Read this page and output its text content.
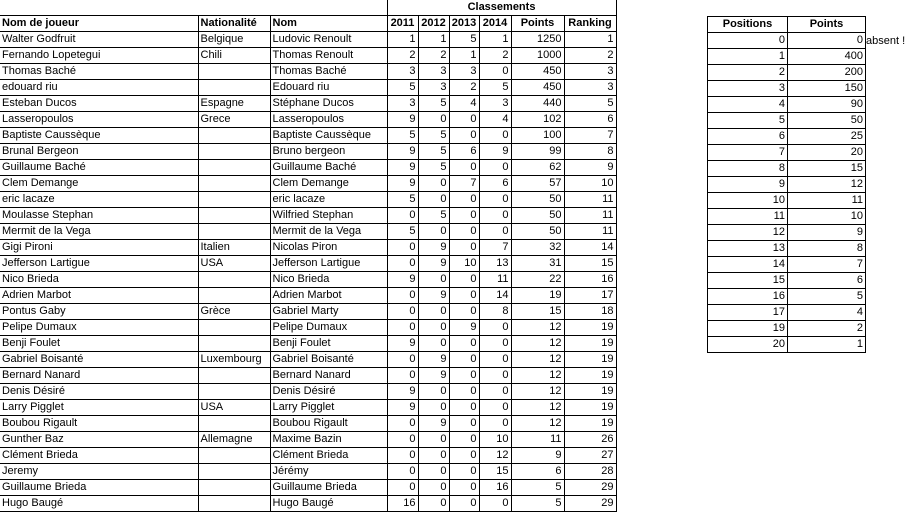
			Classements					
Nom de joueur	Nationalité	Nom	2011	2012	2013	2014	Points	Ranking
Walter Godfruit	Belgique	Ludovic Renoult	1	1	5	1	1250	1
Fernando Lopetegui	Chili	Thomas Renoult	2	2	1	2	1000	2
Thomas Baché		Thomas Baché	3	3	3	0	450	3
edouard riu		Edouard riu	5	3	2	5	450	3
Esteban Ducos	Espagne	Stéphane Ducos	3	5	4	3	440	5
Lasseropoulos	Grece	Lasseropoulos	9	0	0	4	102	6
Baptiste Caussèque		Baptiste Caussèque	5	5	0	0	100	7
Brunal Bergeon		Bruno bergeon	9	5	6	9	99	8
Guillaume Baché		Guillaume Baché	9	5	0	0	62	9
Clem Demange		Clem Demange	9	0	7	6	57	10
eric lacaze		eric lacaze	5	0	0	0	50	11
Moulasse Stephan		Wilfried Stephan	0	5	0	0	50	11
Mermit de la Vega		Mermit de la Vega	5	0	0	0	50	11
Gigi Pironi	Italien	Nicolas Piron	0	9	0	7	32	14
Jefferson Lartigue	USA	Jefferson Lartigue	0	9	10	13	31	15
Nico Brieda		Nico Brieda	9	0	0	11	22	16
Adrien Marbot		Adrien Marbot	0	9	0	14	19	17
Pontus Gaby	Grèce	Gabriel Marty	0	0	0	8	15	18
Pelipe Dumaux		Pelipe Dumaux	0	0	9	0	12	19
Benji Foulet		Benji Foulet	9	0	0	0	12	19
Gabriel Boisanté	Luxembourg	Gabriel Boisanté	0	9	0	0	12	19
Bernard Nanard		Bernard Nanard	0	9	0	0	12	19
Denis Désiré		Denis Désiré	9	0	0	0	12	19
Larry Pigglet	USA	Larry Pigglet	9	0	0	0	12	19
Boubou Rigault		Boubou Rigault	0	9	0	0	12	19
Gunther Baz	Allemagne	Maxime Bazin	0	0	0	10	11	26
Clément Brieda		Clément Brieda	0	0	0	12	9	27
Jeremy		Jérémy	0	0	0	15	6	28
Guillaume Brieda		Guillaume Brieda	0	0	0	16	5	29
Hugo Baugé		Hugo Baugé	16	0	0	0	5	29
Positions	Points
0	0
1	400
2	200
3	150
4	90
5	50
6	25
7	20
8	15
9	12
10	11
11	10
12	9
13	8
14	7
15	6
16	5
17	4
19	2
20	1
absent !
